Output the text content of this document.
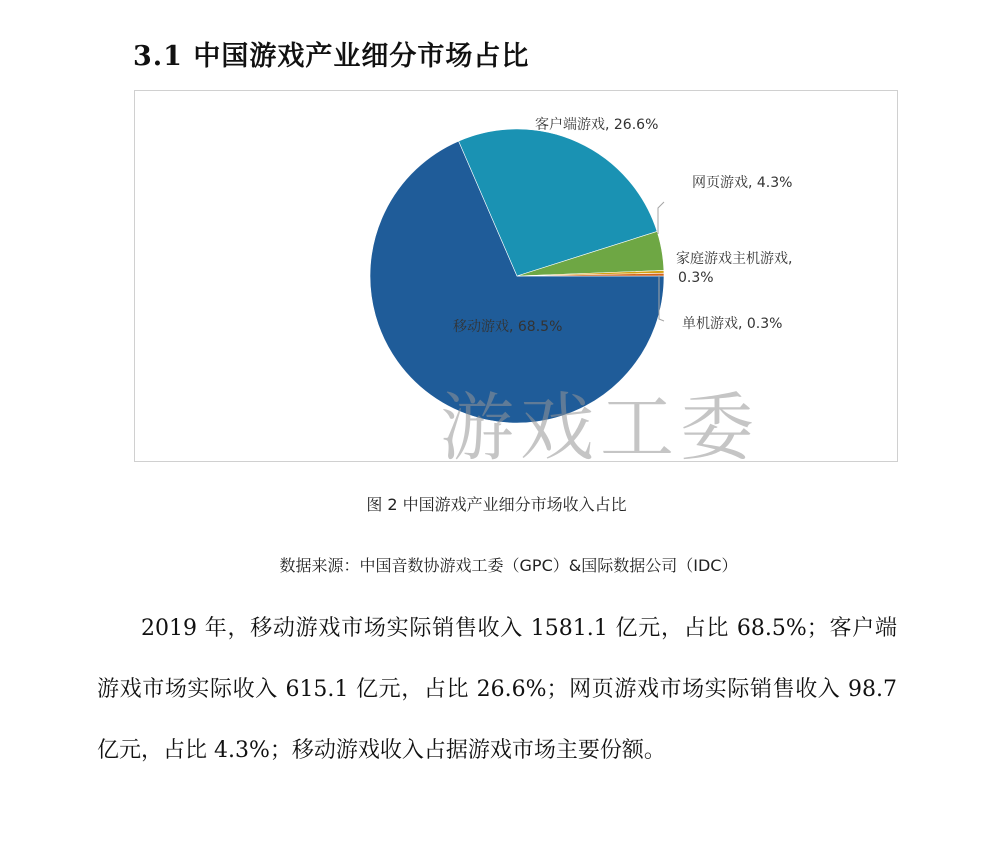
3.1 中国游戏产业细分市场占比
移动游戏, 68.5%
客户端游戏, 26.6%
网页游戏, 4.3%
家庭游戏主机游戏,
0.3%
单机游戏, 0.3%
游戏工委
图 2 中国游戏产业细分市场收入占比
数据来源：中国音数协游戏工委（GPC）&国际数据公司（IDC）

2019 年，移动游戏市场实际销售收入 1581.1 亿元，占比 68.5%；客户端游戏市场实际收入 615.1 亿元，占比 26.6%；网页游戏市场实际销售收入 98.7 亿元，占比 4.3%；移动游戏收入占据游戏市场主要份额。
